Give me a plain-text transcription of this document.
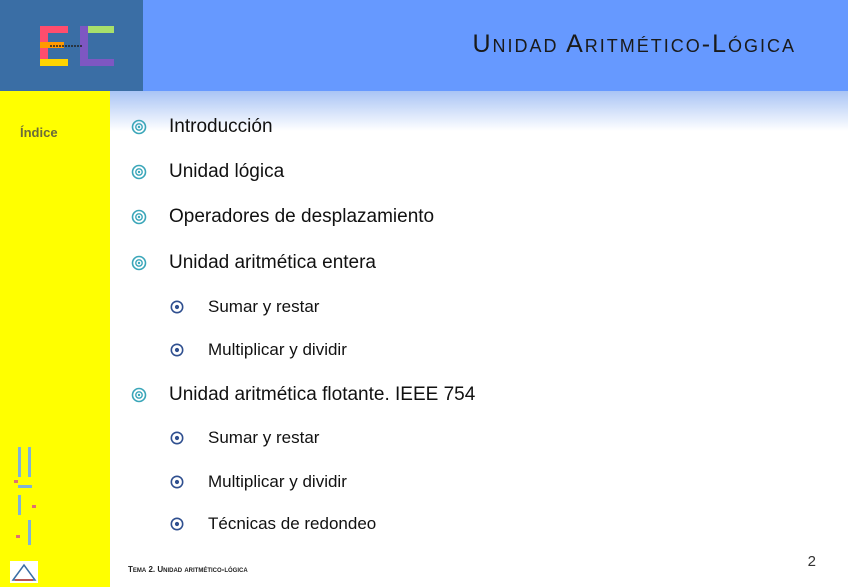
Unidad Aritmético-Lógica
Índice	Introducción
Unidad lógica
Operadores de desplazamiento
Unidad aritmética entera
Sumar y restar
Multiplicar y dividir
Unidad aritmética flotante. IEEE 754
Sumar y restar
Multiplicar y dividir
Técnicas de redondeo
Tema 2. Unidad aritmético-lógica	2
